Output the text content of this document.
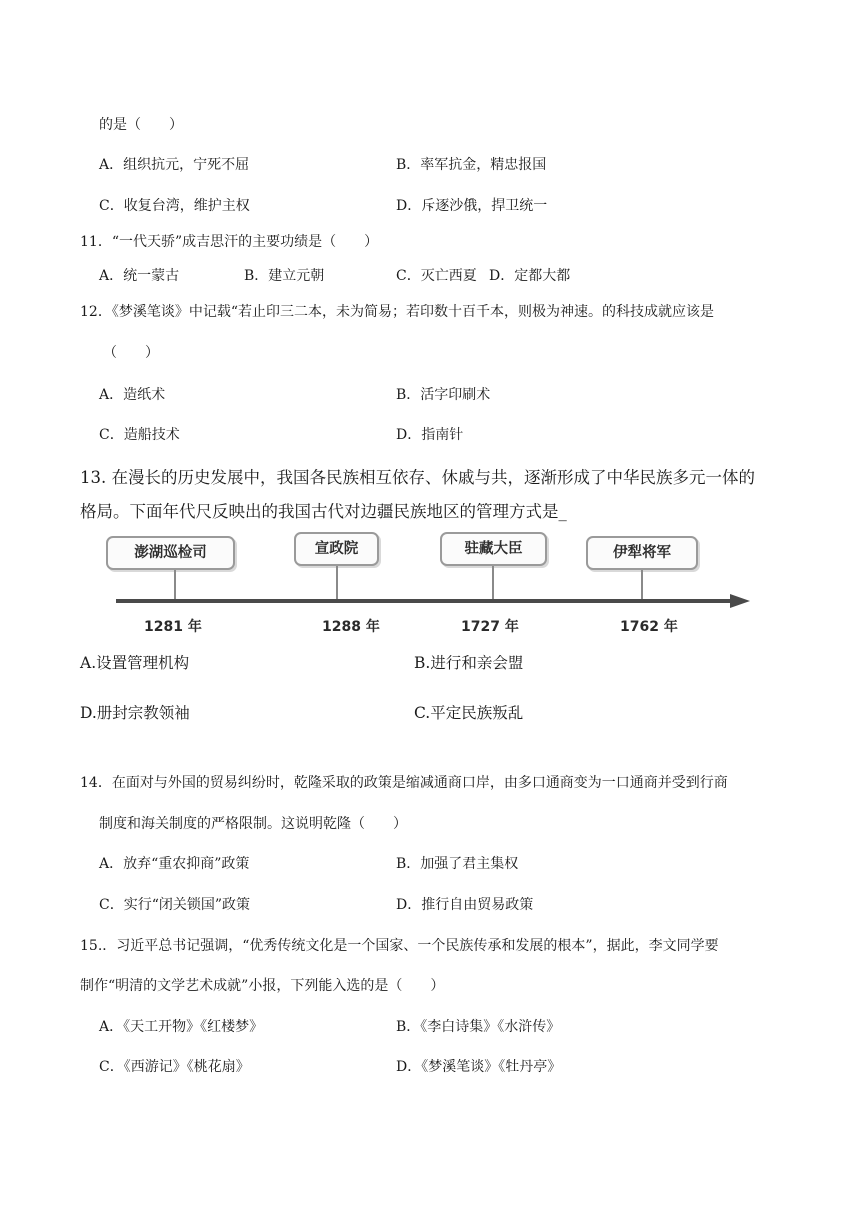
的是（　　）
A．组织抗元，宁死不屈	B．率军抗金，精忠报国
C．收复台湾，维护主权	D．斥逐沙俄，捍卫统一
11．“一代天骄”成吉思汗的主要功绩是（　　）
A．统一蒙古	B．建立元朝	C．灭亡西夏 D．定都大都
12．《梦溪笔谈》中记载“若止印三二本，未为简易；若印数十百千本，则极为神速。的科技成就应该是
（　　）
A．造纸术	B．活字印刷术
C．造船技术	D．指南针
13. 在漫长的历史发展中，我国各民族相互依存、休戚与共，逐渐形成了中华民族多元一体的
格局。下面年代尺反映出的我国古代对边疆民族地区的管理方式是_
澎湖巡检司	宣政院	驻藏大臣	伊犁将军
1281 年	1288 年	1727 年	1762 年
A.设置管理机构	B.进行和亲会盟
D.册封宗教领袖	C.平定民族叛乱
14．在面对与外国的贸易纠纷时，乾隆采取的政策是缩减通商口岸，由多口通商变为一口通商并受到行商
制度和海关制度的严格限制。这说明乾隆（　　）
A．放弃“重农抑商”政策	B．加强了君主集权
C．实行“闭关锁国”政策	D．推行自由贸易政策
15.．习近平总书记强调，“优秀传统文化是一个国家、一个民族传承和发展的根本”，据此，李文同学要
制作“明清的文学艺术成就”小报，下列能入选的是（　　）
A．《天工开物》《红楼梦》	B．《李白诗集》《水浒传》
C．《西游记》《桃花扇》	D．《梦溪笔谈》《牡丹亭》
